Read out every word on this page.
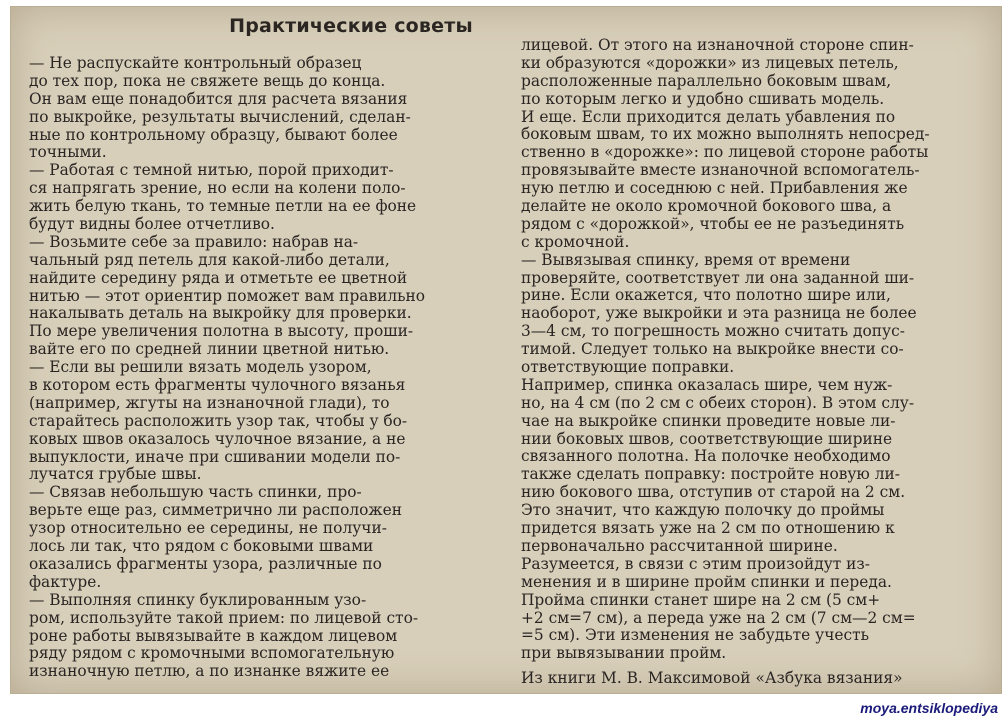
Практические советы
— Не распускайте контрольный образец
до тех пор, пока не свяжете вещь до конца.
Он вам еще понадобится для расчета вязания
по выкройке, результаты вычислений, сделан-
ные по контрольному образцу, бывают более
точными.
— Работая с темной нитью, порой приходит-
ся напрягать зрение, но если на колени поло-
жить белую ткань, то темные петли на ее фоне
будут видны более отчетливо.
— Возьмите себе за правило: набрав на-
чальный ряд петель для какой-либо детали,
найдите середину ряда и отметьте ее цветной
нитью — этот ориентир поможет вам правильно
накалывать деталь на выкройку для проверки.
По мере увеличения полотна в высоту, проши-
вайте его по средней линии цветной нитью.
— Если вы решили вязать модель узором,
в котором есть фрагменты чулочного вязанья
(например, жгуты на изнаночной глади), то
старайтесь расположить узор так, чтобы у бо-
ковых швов оказалось чулочное вязание, а не
выпуклости, иначе при сшивании модели по-
лучатся грубые швы.
— Связав небольшую часть спинки, про-
верьте еще раз, симметрично ли расположен
узор относительно ее середины, не получи-
лось ли так, что рядом с боковыми швами
оказались фрагменты узора, различные по
фактуре.
— Выполняя спинку буклированным узо-
ром, используйте такой прием: по лицевой сто-
роне работы вывязывайте в каждом лицевом
ряду рядом с кромочными вспомогательную
изнаночную петлю, а по изнанке вяжите ее
лицевой. От этого на изнаночной стороне спин-
ки образуются «дорожки» из лицевых петель,
расположенные параллельно боковым швам,
по которым легко и удобно сшивать модель.
И еще. Если приходится делать убавления по
боковым швам, то их можно выполнять непосред-
ственно в «дорожке»: по лицевой стороне работы
провязывайте вместе изнаночной вспомогатель-
ную петлю и соседнюю с ней. Прибавления же
делайте не около кромочной бокового шва, а
рядом с «дорожкой», чтобы ее не разъединять
с кромочной.
— Вывязывая спинку, время от времени
проверяйте, соответствует ли она заданной ши-
рине. Если окажется, что полотно шире или,
наоборот, уже выкройки и эта разница не более
3—4 см, то погрешность можно считать допус-
тимой. Следует только на выкройке внести со-
ответствующие поправки.
Например, спинка оказалась шире, чем нуж-
но, на 4 см (по 2 см с обеих сторон). В этом слу-
чае на выкройке спинки проведите новые ли-
нии боковых швов, соответствующие ширине
связанного полотна. На полочке необходимо
также сделать поправку: постройте новую ли-
нию бокового шва, отступив от старой на 2 см.
Это значит, что каждую полочку до проймы
придется вязать уже на 2 см по отношению к
первоначально рассчитанной ширине.
Разумеется, в связи с этим произойдут из-
менения и в ширине пройм спинки и переда.
Пройма спинки станет шире на 2 см (5 см+
+2 см=7 см), а переда уже на 2 см (7 см—2 см=
=5 см). Эти изменения не забудьте учесть
при вывязывании пройм.
Из книги М. В. Максимовой «Азбука вязания»
moya.entsiklopediya
